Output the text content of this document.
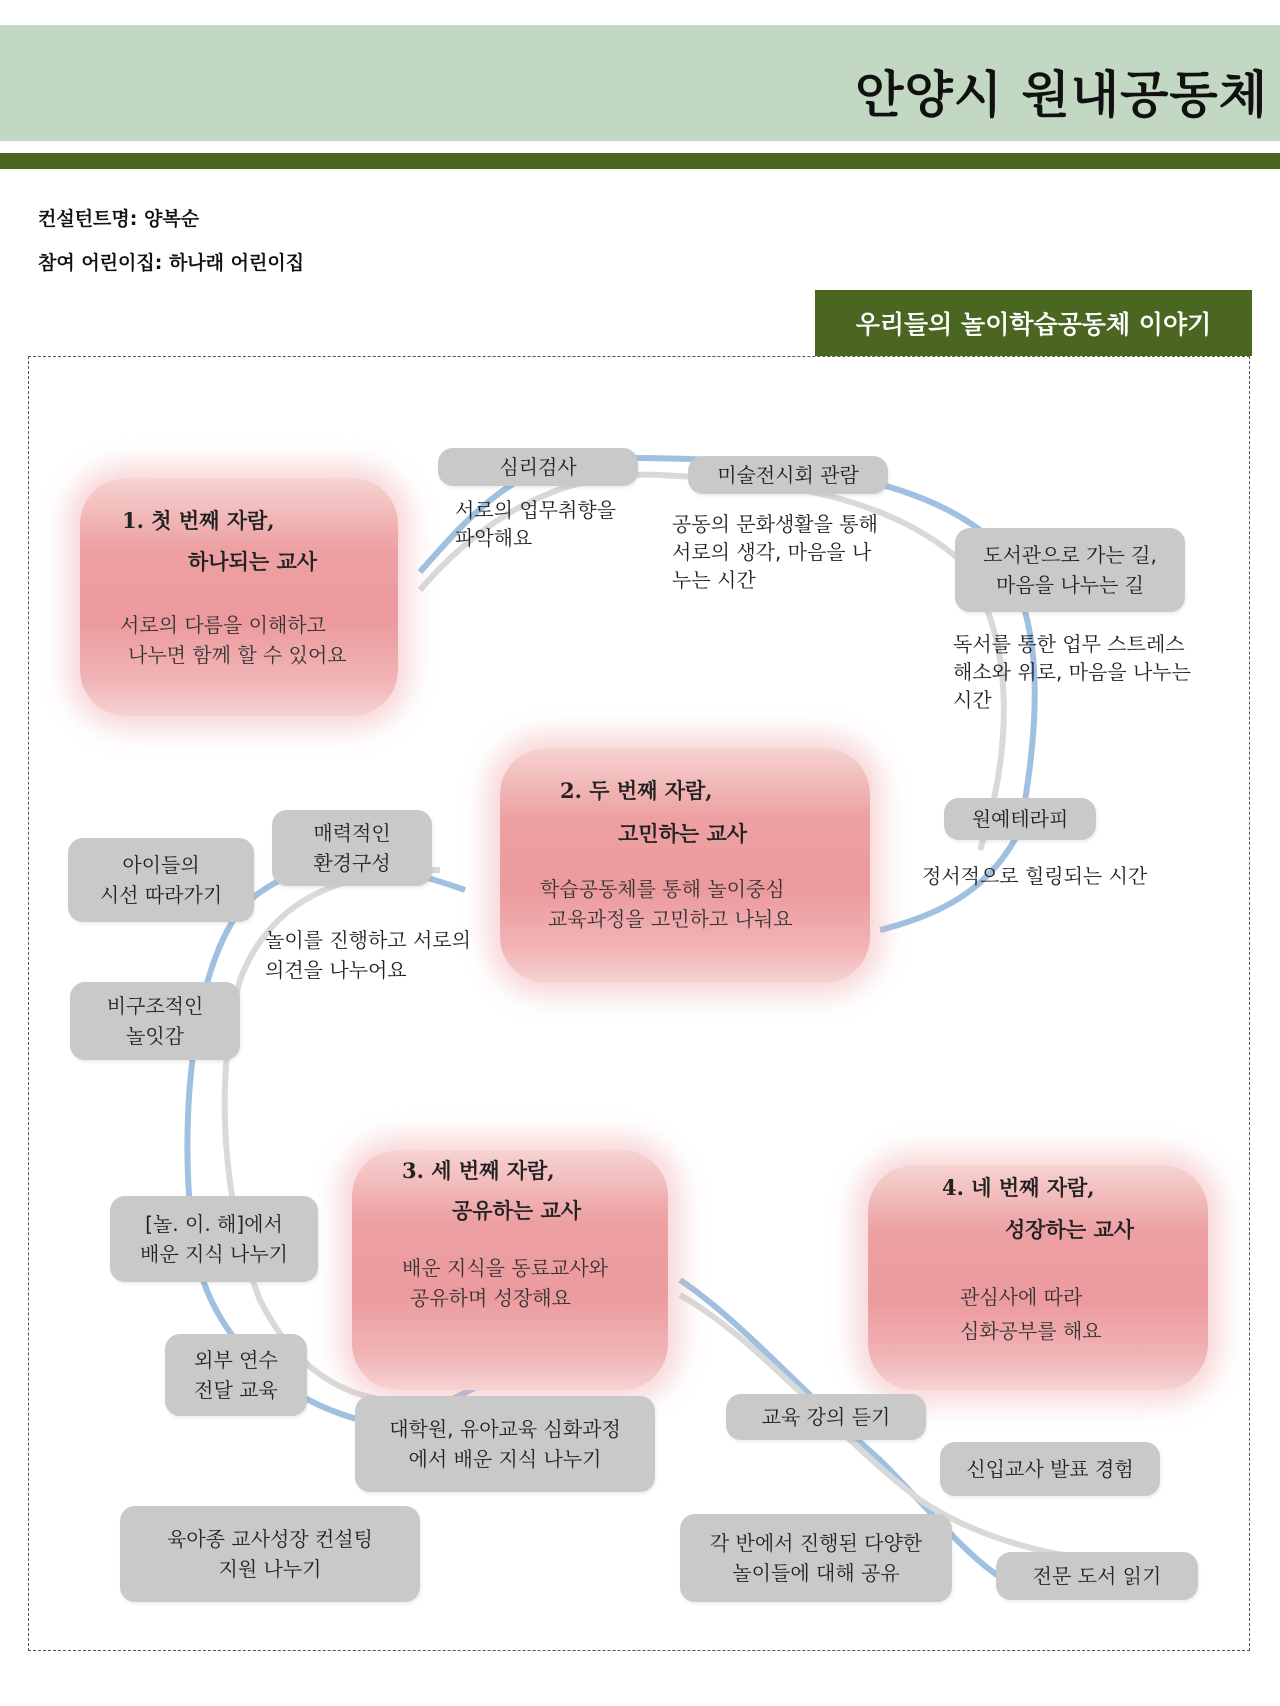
안양시 원내공동체
컨설턴트명: 양복순
참여 어린이집: 하나래 어린이집
우리들의 놀이학습공동체 이야기
1. 첫 번째 자람,
하나되는 교사
서로의 다름을 이해하고
나누면 함께 할 수 있어요
2. 두 번째 자람,
고민하는 교사
학습공동체를 통해 놀이중심
교육과정을 고민하고 나눠요
3. 세 번째 자람,
공유하는 교사
배운 지식을 동료교사와
공유하며 성장해요
4. 네 번째 자람,
성장하는 교사
관심사에 따라
심화공부를 해요
심리검사	미술전시회 관람
도서관으로 가는 길,
마음을 나누는 길
원예테라피
매력적인
환경구성
아이들의
시선 따라가기
비구조적인
놀잇감
[놀. 이. 해]에서
배운 지식 나누기
외부 연수
전달 교육
대학원, 유아교육 심화과정
에서 배운 지식 나누기
육아종 교사성장 컨설팅
지원 나누기
교육 강의 듣기
신입교사 발표 경험
각 반에서 진행된 다양한
놀이들에 대해 공유	전문 도서 읽기
서로의 업무취향을
파악해요
공동의 문화생활을 통해
서로의 생각, 마음을 나
누는 시간
독서를 통한 업무 스트레스
해소와 위로, 마음을 나누는
시간
정서적으로 힐링되는 시간
놀이를 진행하고 서로의
의견을 나누어요
